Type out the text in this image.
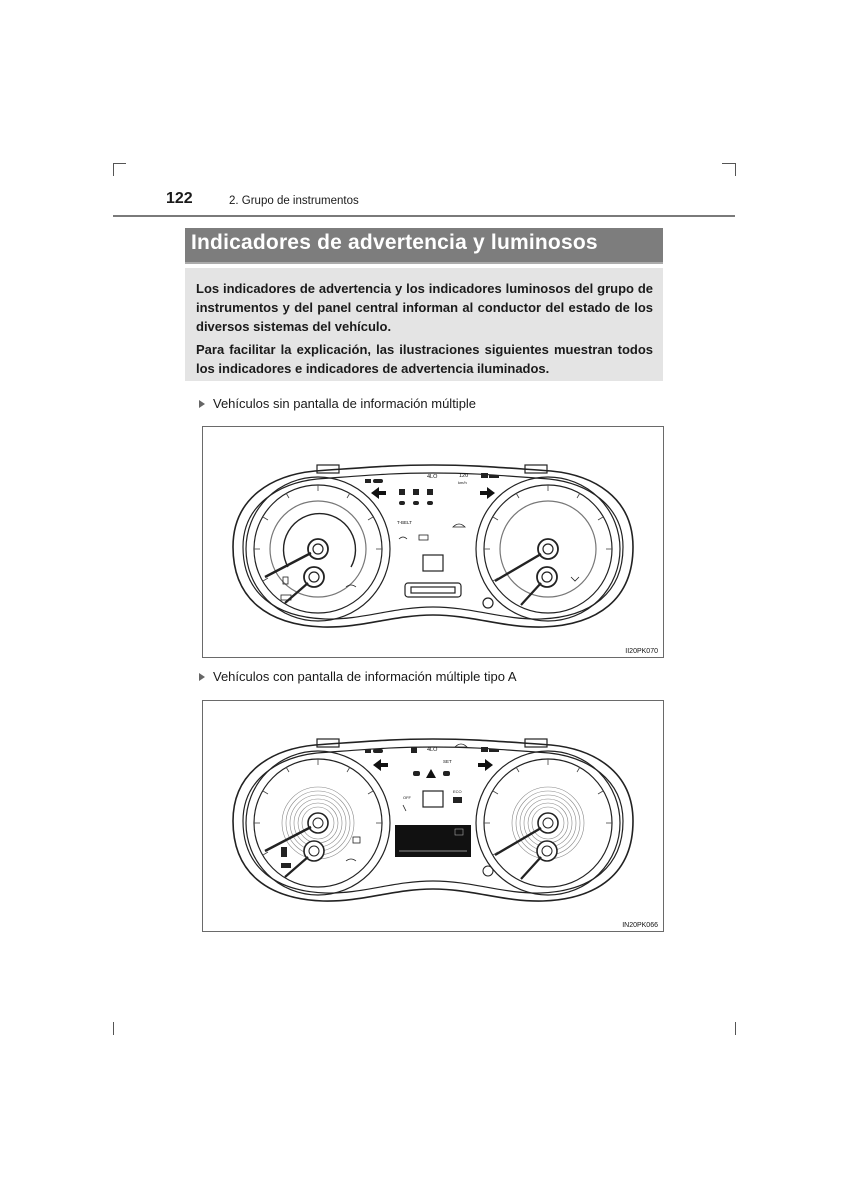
122	2. Grupo de instrumentos
Indicadores de advertencia y luminosos

Los indicadores de advertencia y los indicadores luminosos del grupo de instrumentos y del panel central informan al conductor del estado de los diversos sistemas del vehículo.

Para facilitar la explicación, las ilustraciones siguientes muestran todos los indicadores e indicadores de advertencia iluminados.

Vehículos sin pantalla de información múltiple
4LO	120
km/h
T-BELT
II20PK070
Vehículos con pantalla de información múltiple tipo A
4LO
SET
OFF
ECO
IN20PK066
